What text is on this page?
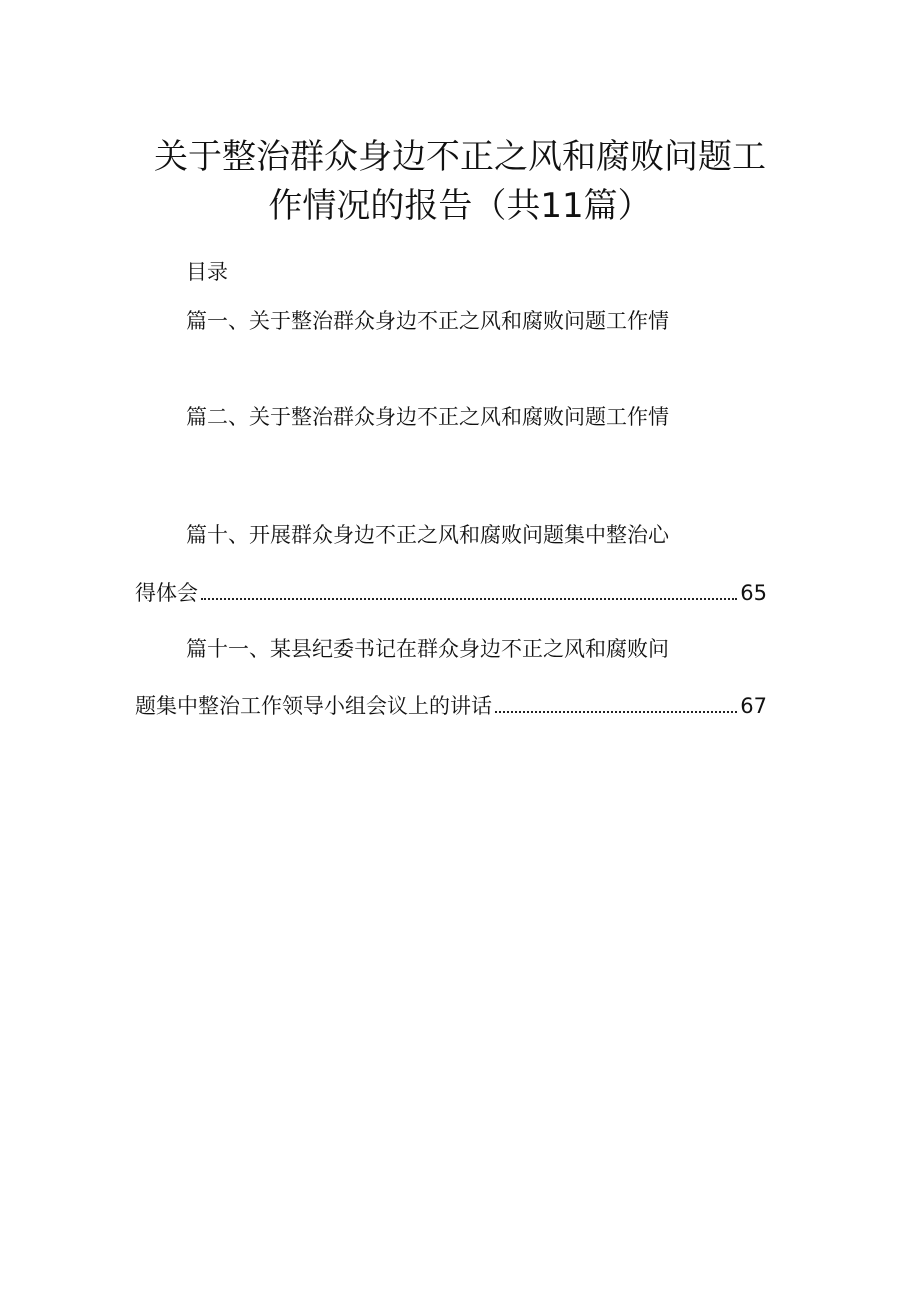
关于整治群众身边不正之风和腐败问题工
作情况的报告（共11篇）

目录

篇一、关于整治群众身边不正之风和腐败问题工作情

篇二、关于整治群众身边不正之风和腐败问题工作情

篇十、开展群众身边不正之风和腐败问题集中整治心

得体会	65

篇十一、某县纪委书记在群众身边不正之风和腐败问

题集中整治工作领导小组会议上的讲话	67
